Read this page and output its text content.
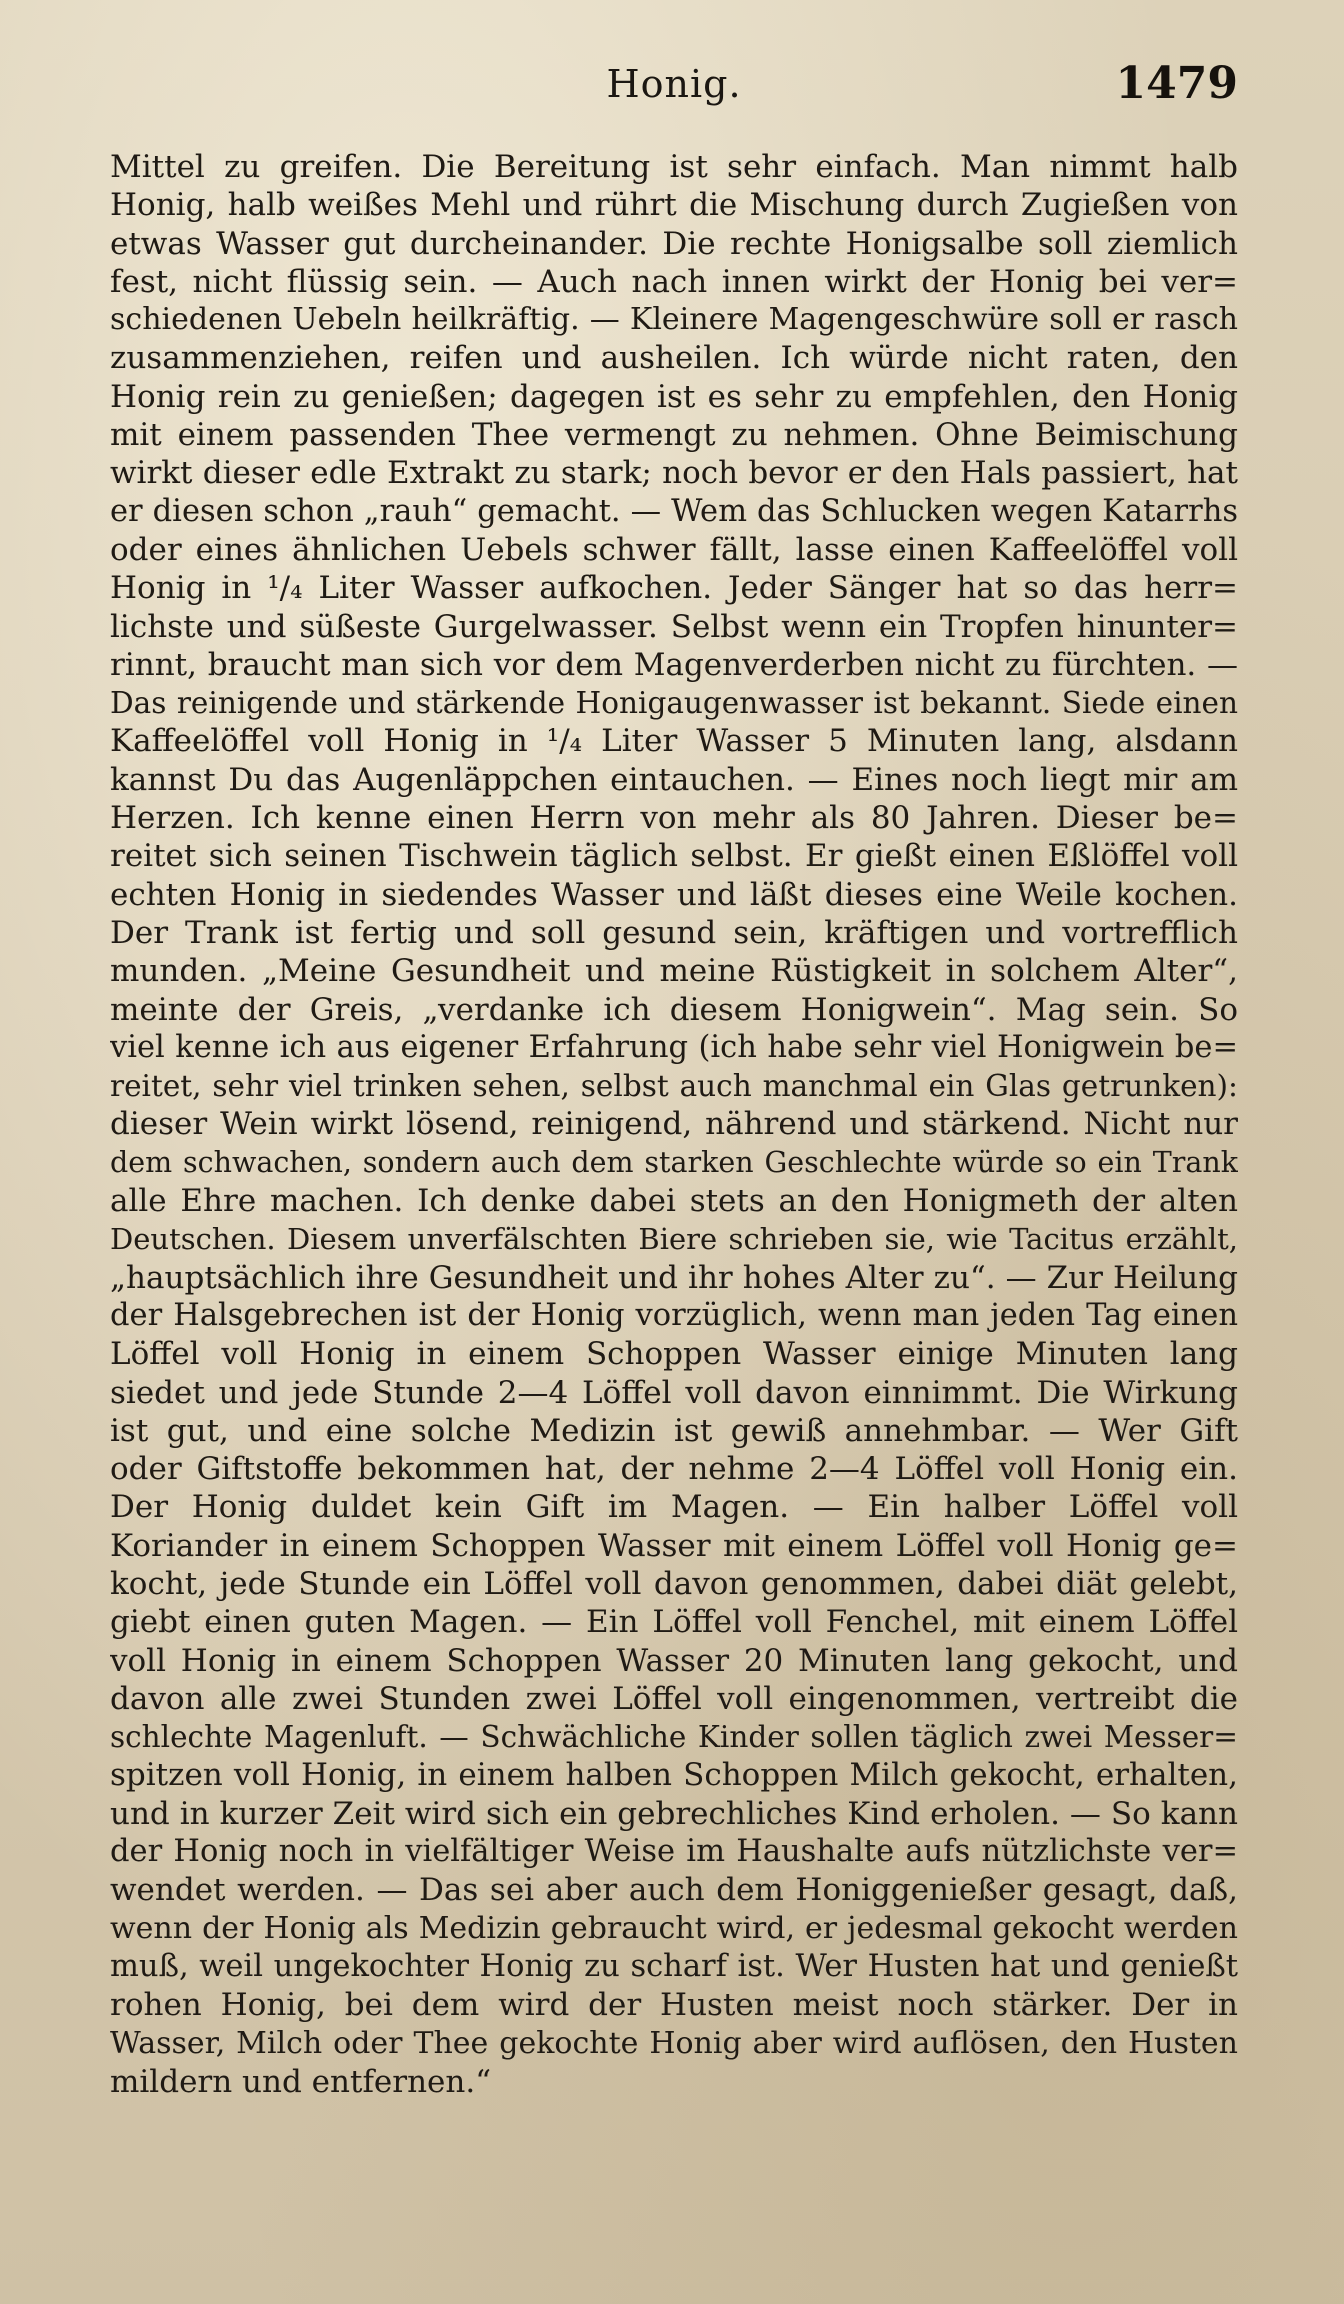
Honig.	1479
Mittel zu greifen. Die Bereitung ist sehr einfach. Man nimmt halb
Honig, halb weißes Mehl und rührt die Mischung durch Zugießen von
etwas Wasser gut durcheinander. Die rechte Honigsalbe soll ziemlich
fest, nicht flüssig sein. — Auch nach innen wirkt der Honig bei ver=
schiedenen Uebeln heilkräftig. — Kleinere Magengeschwüre soll er rasch
zusammenziehen, reifen und ausheilen. Ich würde nicht raten, den
Honig rein zu genießen; dagegen ist es sehr zu empfehlen, den Honig
mit einem passenden Thee vermengt zu nehmen. Ohne Beimischung
wirkt dieser edle Extrakt zu stark; noch bevor er den Hals passiert, hat
er diesen schon „rauh“ gemacht. — Wem das Schlucken wegen Katarrhs
oder eines ähnlichen Uebels schwer fällt, lasse einen Kaffeelöffel voll
Honig in ¹/₄ Liter Wasser aufkochen. Jeder Sänger hat so das herr=
lichste und süßeste Gurgelwasser. Selbst wenn ein Tropfen hinunter=
rinnt, braucht man sich vor dem Magenverderben nicht zu fürchten. —
Das reinigende und stärkende Honigaugenwasser ist bekannt. Siede einen
Kaffeelöffel voll Honig in ¹/₄ Liter Wasser 5 Minuten lang, alsdann
kannst Du das Augenläppchen eintauchen. — Eines noch liegt mir am
Herzen. Ich kenne einen Herrn von mehr als 80 Jahren. Dieser be=
reitet sich seinen Tischwein täglich selbst. Er gießt einen Eßlöffel voll
echten Honig in siedendes Wasser und läßt dieses eine Weile kochen.
Der Trank ist fertig und soll gesund sein, kräftigen und vortrefflich
munden. „Meine Gesundheit und meine Rüstigkeit in solchem Alter“,
meinte der Greis, „verdanke ich diesem Honigwein“. Mag sein. So
viel kenne ich aus eigener Erfahrung (ich habe sehr viel Honigwein be=
reitet, sehr viel trinken sehen, selbst auch manchmal ein Glas getrunken):
dieser Wein wirkt lösend, reinigend, nährend und stärkend. Nicht nur
dem schwachen, sondern auch dem starken Geschlechte würde so ein Trank
alle Ehre machen. Ich denke dabei stets an den Honigmeth der alten
Deutschen. Diesem unverfälschten Biere schrieben sie, wie Tacitus erzählt,
„hauptsächlich ihre Gesundheit und ihr hohes Alter zu“. — Zur Heilung
der Halsgebrechen ist der Honig vorzüglich, wenn man jeden Tag einen
Löffel voll Honig in einem Schoppen Wasser einige Minuten lang
siedet und jede Stunde 2—4 Löffel voll davon einnimmt. Die Wirkung
ist gut, und eine solche Medizin ist gewiß annehmbar. — Wer Gift
oder Giftstoffe bekommen hat, der nehme 2—4 Löffel voll Honig ein.
Der Honig duldet kein Gift im Magen. — Ein halber Löffel voll
Koriander in einem Schoppen Wasser mit einem Löffel voll Honig ge=
kocht, jede Stunde ein Löffel voll davon genommen, dabei diät gelebt,
giebt einen guten Magen. — Ein Löffel voll Fenchel, mit einem Löffel
voll Honig in einem Schoppen Wasser 20 Minuten lang gekocht, und
davon alle zwei Stunden zwei Löffel voll eingenommen, vertreibt die
schlechte Magenluft. — Schwächliche Kinder sollen täglich zwei Messer=
spitzen voll Honig, in einem halben Schoppen Milch gekocht, erhalten,
und in kurzer Zeit wird sich ein gebrechliches Kind erholen. — So kann
der Honig noch in vielfältiger Weise im Haushalte aufs nützlichste ver=
wendet werden. — Das sei aber auch dem Honiggenießer gesagt, daß,
wenn der Honig als Medizin gebraucht wird, er jedesmal gekocht werden
muß, weil ungekochter Honig zu scharf ist. Wer Husten hat und genießt
rohen Honig, bei dem wird der Husten meist noch stärker. Der in
Wasser, Milch oder Thee gekochte Honig aber wird auflösen, den Husten
mildern und entfernen.“
